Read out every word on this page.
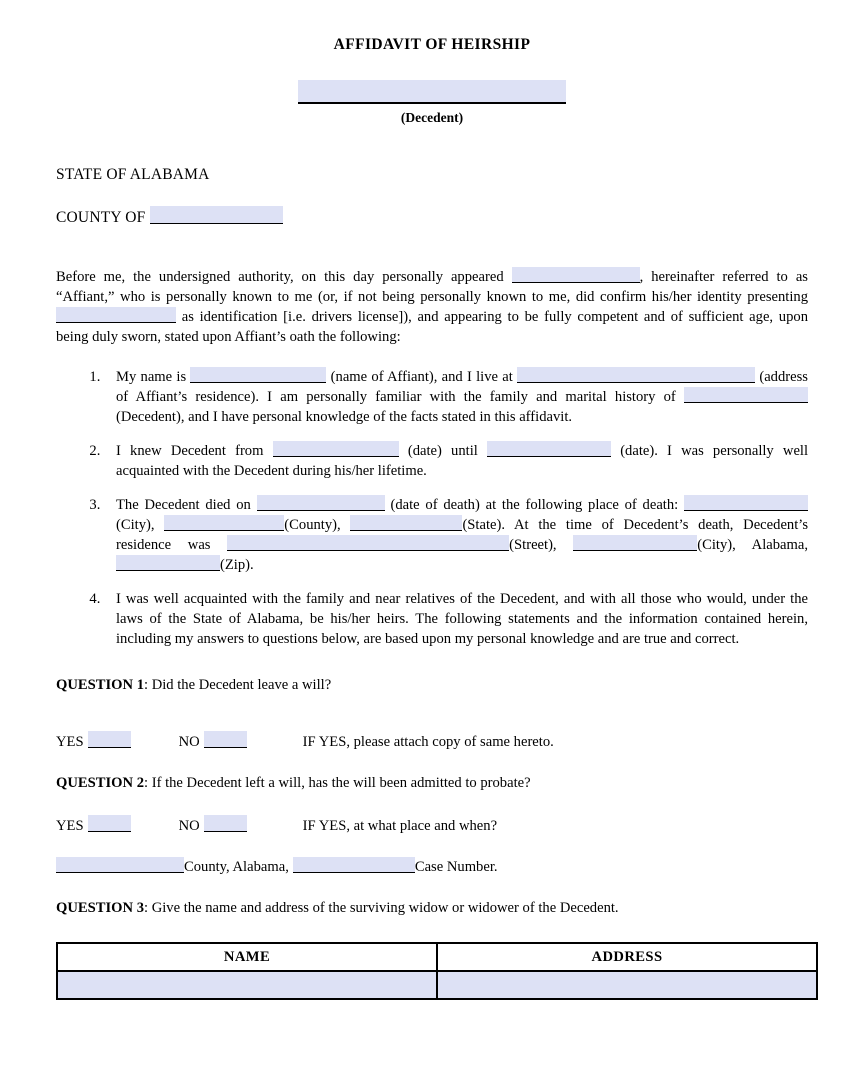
AFFIDAVIT OF HEIRSHIP
(Decedent)
STATE OF ALABAMA
COUNTY OF

Before me, the undersigned authority, on this day personally appeared	, hereinafter referred to as “Affiant,” who is personally known to me (or, if not being personally known to me, did confirm his/her identity presenting  as identification [i.e. drivers license]), and appearing to be fully competent and of sufficient age, upon being duly sworn, stated upon Affiant’s oath the following:

1. My name is	(name of Affiant), and I live at	(address of Affiant’s residence). I am personally familiar with the family and marital history of  (Decedent), and I have personal knowledge of the facts stated in this affidavit.
2. I knew Decedent from	(date) until	(date). I was personally well acquainted with the Decedent during his/her lifetime.
3. The Decedent died on	(date of death) at the following place of death: (City),	(County),	(State). At the time of Decedent’s death, Decedent’s residence was	(Street),	(City), Alabama, (Zip).
4. I was well acquainted with the family and near relatives of the Decedent, and with all those who would, under the laws of the State of Alabama, be his/her heirs. The following statements and the information contained herein, including my answers to questions below, are based upon my personal knowledge and are true and correct.
QUESTION 1: Did the Decedent leave a will?
YES	NO	IF YES, please attach copy of same hereto.
QUESTION 2: If the Decedent left a will, has the will been admitted to probate?
YES	NO	IF YES, at what place and when?
County, Alabama,	Case Number.
QUESTION 3: Give the name and address of the surviving widow or widower of the Decedent.
NAME	ADDRESS
